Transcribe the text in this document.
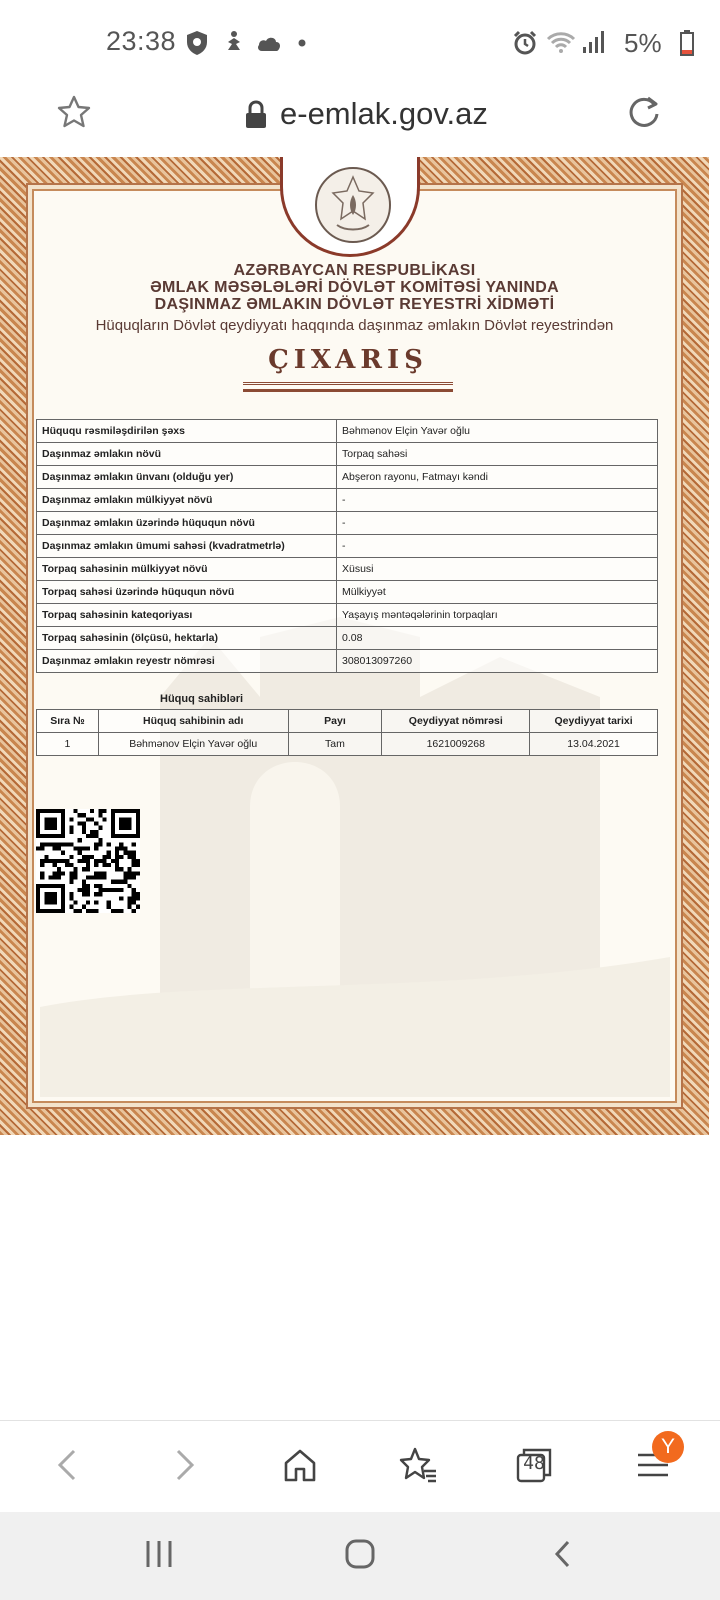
23:38	5%
e-emlak.gov.az
AZƏRBAYCAN RESPUBLİKASI
ƏMLAK MƏSƏLƏLƏRİ DÖVLƏT KOMİTƏSİ YANINDA
DAŞINMAZ ƏMLAKIN DÖVLƏT REYESTRİ XİDMƏTİ
Hüquqların Dövlət qeydiyyatı haqqında daşınmaz əmlakın Dövlət reyestrindən
ÇIXARIŞ
Hüququ rəsmiləşdirilən şəxs	Bəhmənov Elçin Yavər oğlu
Daşınmaz əmlakın növü	Torpaq sahəsi
Daşınmaz əmlakın ünvanı (olduğu yer)	Abşeron rayonu, Fatmayı kəndi
Daşınmaz əmlakın mülkiyyət növü	-
Daşınmaz əmlakın üzərində hüququn növü	-
Daşınmaz əmlakın ümumi sahəsi (kvadratmetrlə)	-
Torpaq sahəsinin mülkiyyət növü	Xüsusi
Torpaq sahəsi üzərində hüququn növü	Mülkiyyət
Torpaq sahəsinin kateqoriyası	Yaşayış məntəqələrinin torpaqları
Torpaq sahəsinin (ölçüsü, hektarla)	0.08
Daşınmaz əmlakın reyestr nömrəsi	308013097260
Hüquq sahibləri
Sıra №	Hüquq sahibinin adı	Payı	Qeydiyyat nömrəsi	Qeydiyyat tarixi
1	Bəhmənov Elçin Yavər oğlu	Tam	1621009268	13.04.2021
48
Y
